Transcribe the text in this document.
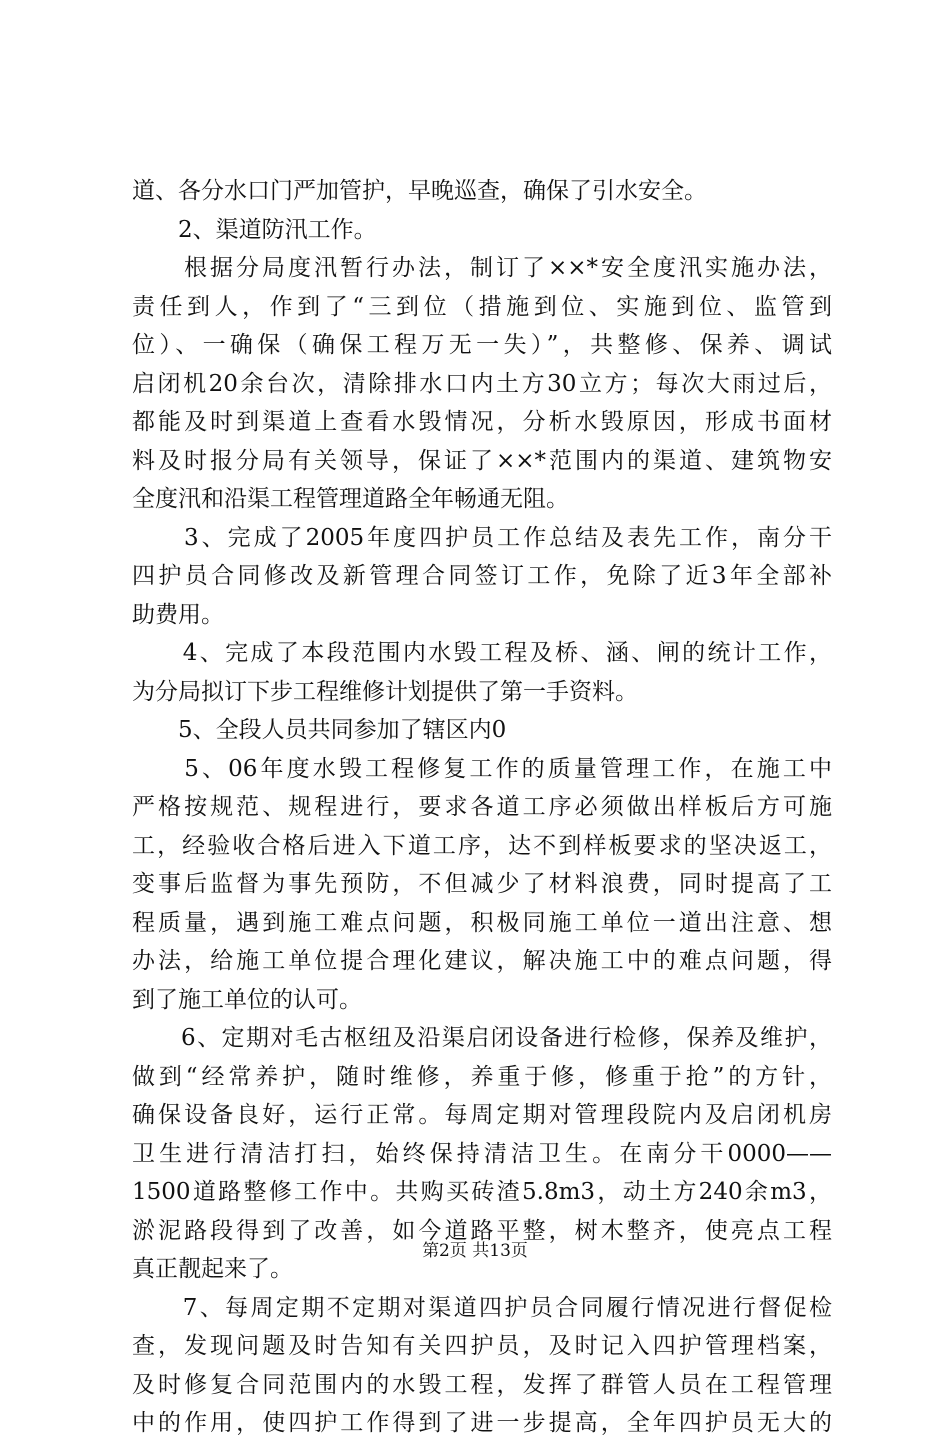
道、各分水口门严加管护，早晚巡查，确保了引水安全。
　　2、渠道防汛工作。
　　根据分局度汛暂行办法，制订了××*安全度汛实施办法，
责任到人，作到了“三到位（措施到位、实施到位、监管到
位）、一确保（确保工程万无一失）”，共整修、保养、调试
启闭机20余台次，清除排水口内土方30立方；每次大雨过后，
都能及时到渠道上查看水毁情况，分析水毁原因，形成书面材
料及时报分局有关领导，保证了××*范围内的渠道、建筑物安
全度汛和沿渠工程管理道路全年畅通无阻。
　　3、完成了2005年度四护员工作总结及表先工作，南分干
四护员合同修改及新管理合同签订工作，免除了近3年全部补
助费用。
　　4、完成了本段范围内水毁工程及桥、涵、闸的统计工作，
为分局拟订下步工程维修计划提供了第一手资料。
　　5、全段人员共同参加了辖区内0
　　5、06年度水毁工程修复工作的质量管理工作，在施工中
严格按规范、规程进行，要求各道工序必须做出样板后方可施
工，经验收合格后进入下道工序，达不到样板要求的坚决返工，
变事后监督为事先预防，不但减少了材料浪费，同时提高了工
程质量，遇到施工难点问题，积极同施工单位一道出注意、想
办法，给施工单位提合理化建议，解决施工中的难点问题，得
到了施工单位的认可。
　　6、定期对毛古枢纽及沿渠启闭设备进行检修，保养及维护，
做到“经常养护，随时维修，养重于修，修重于抢”的方针，
确保设备良好，运行正常。每周定期对管理段院内及启闭机房
卫生进行清洁打扫，始终保持清洁卫生。在南分干0000——
1500道路整修工作中。共购买砖渣5.8m3，动土方240余m3，
淤泥路段得到了改善，如今道路平整，树木整齐，使亮点工程
真正靓起来了。
　　7、每周定期不定期对渠道四护员合同履行情况进行督促检
查，发现问题及时告知有关四护员，及时记入四护管理档案，
及时修复合同范围内的水毁工程，发挥了群管人员在工程管理
中的作用，使四护工作得到了进一步提高，全年四护员无大的
第2页 共13页
